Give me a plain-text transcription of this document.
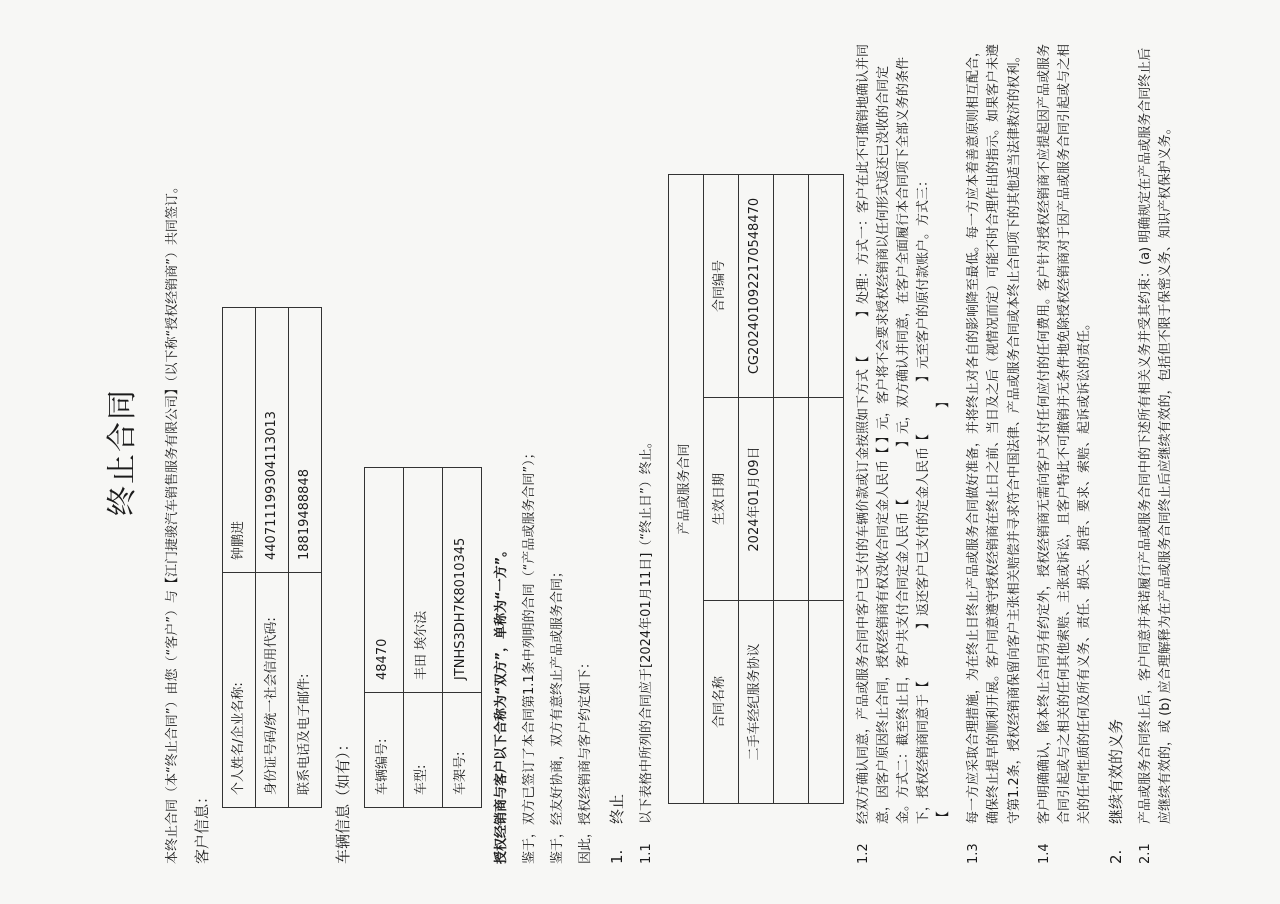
终止合同	本终止合同（本“终止合同”）由您（“客户”）与【江门捷骏汽车销售服务有限公司】（以下称“授权经销商”）共同签订。 客户信息：
个人姓名/企业名称:	钟鹏进
身份证号码/统一社会信用代码:	440711199304113013
联系电话及电子邮件:	18819488848
车辆信息（如有）： 车辆编号:	48470
车型:	丰田 埃尔法
车架号:	JTNHS3DH7K8010345 授权经销商与客户以下合称为“双方”，单称为“一方”。 鉴于，双方已签订了本合同第1.1条中列明的合同（“产品或服务合同”）； 鉴于，经友好协商，双方有意终止产品或服务合同； 因此，授权经销商与客户约定如下： 1.
终止
1.1
以下表格中所列的合同应于[2024年01月11日]（“终止日”）终止。 产品或服务合同		
合同名称	生效日期	合同编号
二手车经纪服务协议	2024年01月09日	CG20240109221705484​70

1.2
经双方确认同意，产品或服务合同中客户已支付的车辆价款或订金按照如下方式【　　　】处理：方式一：客户在此不可撤销地确认并同意，因客户原因终止合同，授权经销商有权没收合同定金人民币【 】元，客户将不会要求授权经销商以任何形式返还已没收的合同定金。方式二：截至终止日，客户共支付合同定金人民币【　　　　】元，双方确认并同意，在客户全面履行本合同项下全部义务的条件下，授权经销商同意于【　　　　】返还客户已支付的定金人民币【　　　　】元至客户的原付款账户。方式三：【　　　　　　　　　　　　　　　　　　　　　　　　　　　　　　　】
1.3
每一方应采取合理措施，为在终止日终止产品或服务合同做好准备，并将终止对各自的影响降至最低。每一方应本着善意原则相互配合，确保终止提早的顺利开展。客户同意遵守授权经销商在终止日之前、当日及之后（视情况而定）可能不时合理作出的指示。如果客户未遵守第1.2条，授权经销商保留向客户主张相关赔偿并寻求符合中国法律、产品或服务合同或本终止合同项下的其他适当法律救济的权利。
1.4
客户明确确认，除本终止合同另有约定外，授权经销商无需向客户支付任何应付的任何费用。客户针对授权经销商不应提起因产品或服务合同引起或与之相关的任何其他索赔、主张或诉讼，且客户特此不可撤销并无条件地免除授权经销商对于因产品或服务合同引起或与之相关的任何性质的任何及所有义务、责任、损失、损害、要求、索赔、起诉或诉讼的责任。
2.
继续有效的义务
2.1
产品或服务合同终止后，客户同意并承诺履行产品或服务合同中的下述所有相关义务并受其约束：(a) 明确规定在产品或服务合同终止后应继续有效的，或 (b) 应合理解释为在产品或服务合同终止后应继续有效的，包括但不限于保密义务、知识产权保护义务。
